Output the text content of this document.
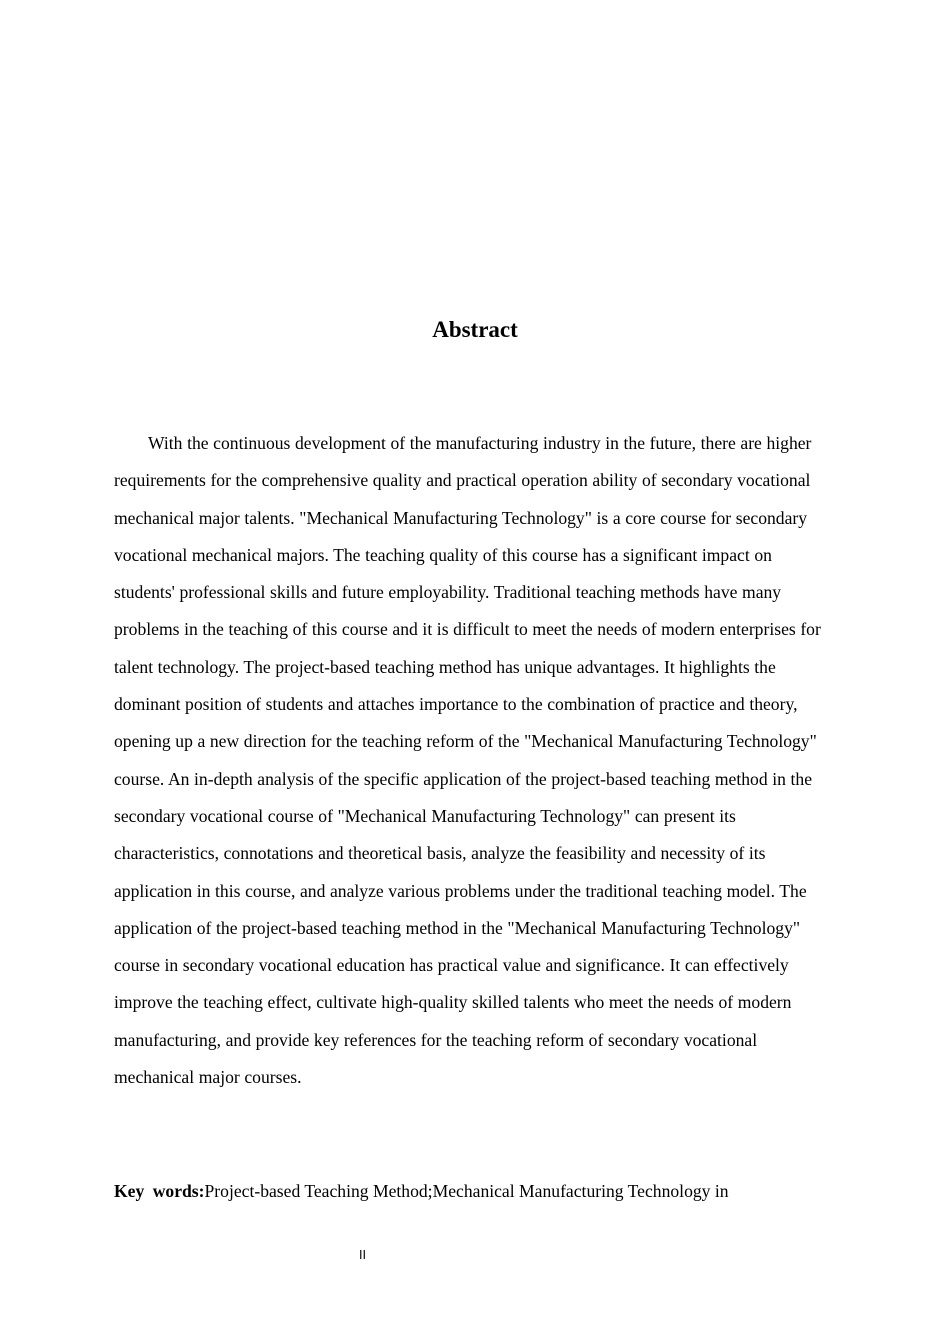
Abstract

With the continuous development of the manufacturing industry in the future, there are higher requirements for the comprehensive quality and practical operation ability of secondary vocational mechanical major talents. "Mechanical Manufacturing Technology" is a core course for secondary vocational mechanical majors. The teaching quality of this course has a significant impact on students' professional skills and future employability. Traditional teaching methods have many problems in the teaching of this course and it is difficult to meet the needs of modern enterprises for talent technology. The project-based teaching method has unique advantages. It highlights the dominant position of students and attaches importance to the combination of practice and theory, opening up a new direction for the teaching reform of the "Mechanical Manufacturing Technology" course. An in-depth analysis of the specific application of the project-based teaching method in the secondary vocational course of "Mechanical Manufacturing Technology" can present its characteristics, connotations and theoretical basis, analyze the feasibility and necessity of its application in this course, and analyze various problems under the traditional teaching model. The application of the project-based teaching method in the "Mechanical Manufacturing Technology" course in secondary vocational education has practical value and significance. It can effectively improve the teaching effect, cultivate high-quality skilled talents who meet the needs of modern manufacturing, and provide key references for the teaching reform of secondary vocational mechanical major courses.

Key words:Project-based Teaching Method;Mechanical Manufacturing Technology in

II
